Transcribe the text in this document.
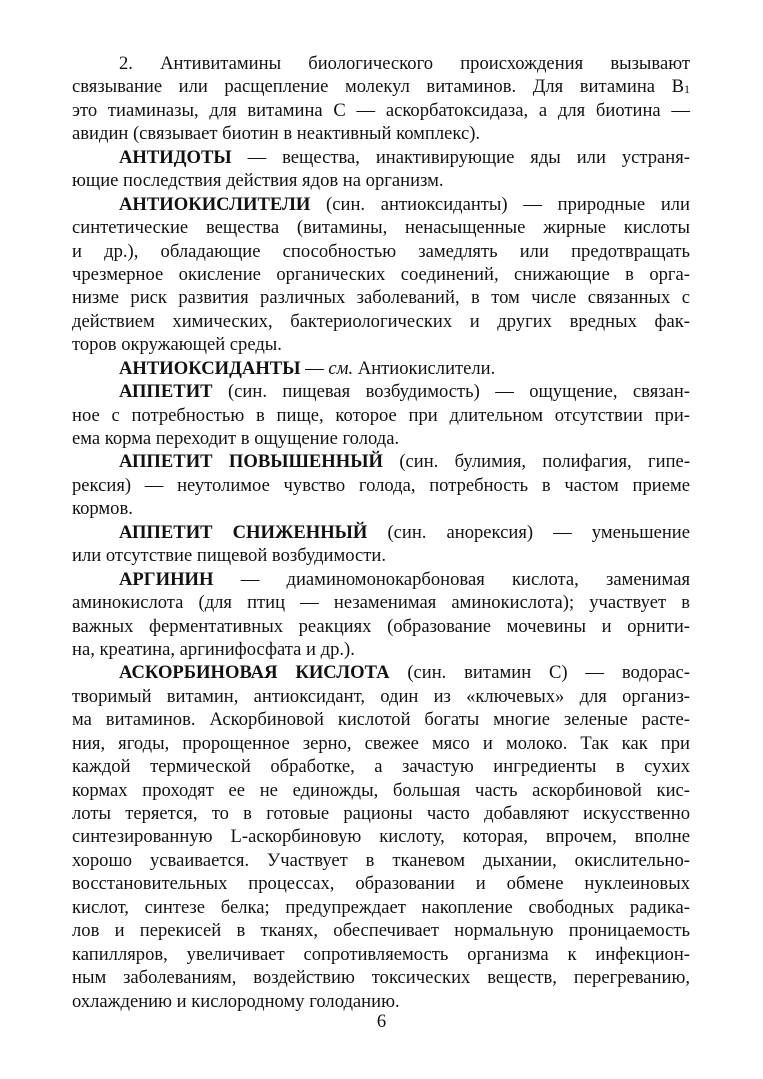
2. Антивитамины биологического происхождения вызывают
связывание или расщепление молекул витаминов. Для витамина $B_1$
это тиаминазы, для витамина С — аскорбатоксидаза, а для биотина —
авидин (связывает биотин в неактивный комплекс).
АНТИДОТЫ — вещества, инактивирующие яды или устраня-
ющие последствия действия ядов на организм.
АНТИОКИСЛИТЕЛИ (син. антиоксиданты) — природные или
синтетические вещества (витамины, ненасыщенные жирные кислоты
и др.), обладающие способностью замедлять или предотвращать
чрезмерное окисление органических соединений, снижающие в орга-
низме риск развития различных заболеваний, в том числе связанных с
действием химических, бактериологических и других вредных фак-
торов окружающей среды.
АНТИОКСИДАНТЫ — см. Антиокислители.
АППЕТИТ (син. пищевая возбудимость) — ощущение, связан-
ное с потребностью в пище, которое при длительном отсутствии при-
ема корма переходит в ощущение голода.
АППЕТИТ ПОВЫШЕННЫЙ (син. булимия, полифагия, гипе-
рексия) — неутолимое чувство голода, потребность в частом приеме
кормов.
АППЕТИТ СНИЖЕННЫЙ (син. анорексия) — уменьшение
или отсутствие пищевой возбудимости.
АРГИНИН — диаминомонокарбоновая кислота, заменимая
аминокислота (для птиц — незаменимая аминокислота); участвует в
важных ферментативных реакциях (образование мочевины и орнити-
на, креатина, аргинифосфата и др.).
АСКОРБИНОВАЯ КИСЛОТА (син. витамин С) — водорас-
творимый витамин, антиоксидант, один из «ключевых» для организ-
ма витаминов. Аскорбиновой кислотой богаты многие зеленые расте-
ния, ягоды, пророщенное зерно, свежее мясо и молоко. Так как при
каждой термической обработке, а зачастую ингредиенты в сухих
кормах проходят ее не единожды, большая часть аскорбиновой кис-
лоты теряется, то в готовые рационы часто добавляют искусственно
синтезированную L-аскорбиновую кислоту, которая, впрочем, вполне
хорошо усваивается. Участвует в тканевом дыхании, окислительно-
восстановительных процессах, образовании и обмене нуклеиновых
кислот, синтезе белка; предупреждает накопление свободных радика-
лов и перекисей в тканях, обеспечивает нормальную проницаемость
капилляров, увеличивает сопротивляемость организма к инфекцион-
ным заболеваниям, воздействию токсических веществ, перегреванию,
охлаждению и кислородному голоданию.
6
